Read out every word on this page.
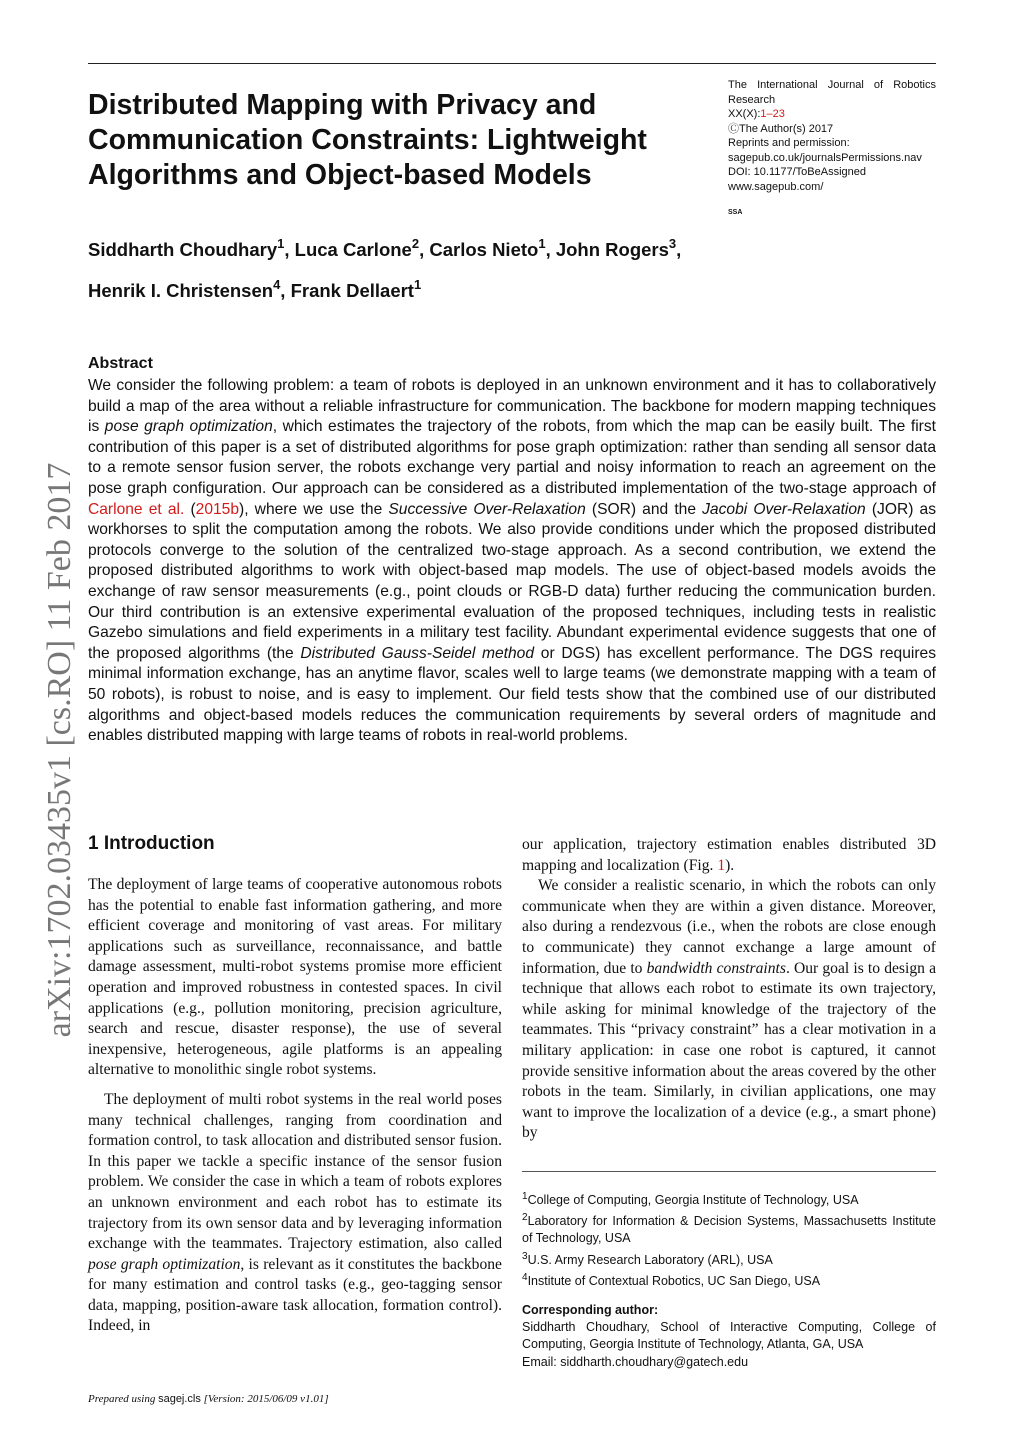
Distributed Mapping with Privacy and
Communication Constraints: Lightweight
Algorithms and Object-based Models
The International Journal of Robotics
Research
XX(X):1–23
ⒸThe Author(s) 2017
Reprints and permission:
sagepub.co.uk/journalsPermissions.nav
DOI: 10.1177/ToBeAssigned
www.sagepub.com/
SSA
Siddharth Choudhary$^1$, Luca Carlone$^2$, Carlos Nieto$^1$, John Rogers$^3$,
Henrik I. Christensen$^4$, Frank Dellaert$^1$
Abstract
We consider the following problem: a team of robots is deployed in an unknown environment and it has to collaboratively build a map of the area without a reliable infrastructure for communication. The backbone for modern mapping techniques is pose graph optimization, which estimates the trajectory of the robots, from which the map can be easily built. The first contribution of this paper is a set of distributed algorithms for pose graph optimization: rather than sending all sensor data to a remote sensor fusion server, the robots exchange very partial and noisy information to reach an agreement on the pose graph configuration. Our approach can be considered as a distributed implementation of the two-stage approach of Carlone et al. (2015b), where we use the Successive Over-Relaxation (SOR) and the Jacobi Over-Relaxation (JOR) as workhorses to split the computation among the robots. We also provide conditions under which the proposed distributed protocols converge to the solution of the centralized two-stage approach. As a second contribution, we extend the proposed distributed algorithms to work with object-based map models. The use of object-based models avoids the exchange of raw sensor measurements (e.g., point clouds or RGB-D data) further reducing the communication burden. Our third contribution is an extensive experimental evaluation of the proposed techniques, including tests in realistic Gazebo simulations and field experiments in a military test facility. Abundant experimental evidence suggests that one of the proposed algorithms (the Distributed Gauss-Seidel method or DGS) has excellent performance. The DGS requires minimal information exchange, has an anytime flavor, scales well to large teams (we demonstrate mapping with a team of 50 robots), is robust to noise, and is easy to implement. Our field tests show that the combined use of our distributed algorithms and object-based models reduces the communication requirements by several orders of magnitude and enables distributed mapping with large teams of robots in real-world problems.
arXiv:1702.03435v1 [cs.RO] 11 Feb 2017 1 Introduction

The deployment of large teams of cooperative autonomous robots has the potential to enable fast information gathering, and more efficient coverage and monitoring of vast areas. For military applications such as surveillance, reconnaissance, and battle damage assessment, multi-robot systems promise more efficient operation and improved robustness in contested spaces. In civil applications (e.g., pollution monitoring, precision agriculture, search and rescue, disaster response), the use of several inexpensive, heterogeneous, agile platforms is an appealing alternative to monolithic single robot systems.

The deployment of multi robot systems in the real world poses many technical challenges, ranging from coordination and formation control, to task allocation and distributed sensor fusion. In this paper we tackle a specific instance of the sensor fusion problem. We consider the case in which a team of robots explores an unknown environment and each robot has to estimate its trajectory from its own sensor data and by leveraging information exchange with the teammates. Trajectory estimation, also called pose graph optimization, is relevant as it constitutes the backbone for many estimation and control tasks (e.g., geo-tagging sensor data, mapping, position-aware task allocation, formation control). Indeed, in

our application, trajectory estimation enables distributed 3D mapping and localization (Fig. 1).

We consider a realistic scenario, in which the robots can only communicate when they are within a given distance. Moreover, also during a rendezvous (i.e., when the robots are close enough to communicate) they cannot exchange a large amount of information, due to bandwidth constraints. Our goal is to design a technique that allows each robot to estimate its own trajectory, while asking for minimal knowledge of the trajectory of the teammates. This “privacy constraint” has a clear motivation in a military application: in case one robot is captured, it cannot provide sensitive information about the areas covered by the other robots in the team. Similarly, in civilian applications, one may want to improve the localization of a device (e.g., a smart phone) by

$^1$College of Computing, Georgia Institute of Technology, USA
$^2$Laboratory for Information & Decision Systems, Massachusetts Institute of Technology, USA
$^3$U.S. Army Research Laboratory (ARL), USA
$^4$Institute of Contextual Robotics, UC San Diego, USA
Corresponding author:
Siddharth Choudhary, School of Interactive Computing, College of Computing, Georgia Institute of Technology, Atlanta, GA, USA
Email: siddharth.choudhary@gatech.edu
Prepared using sagej.cls [Version: 2015/06/09 v1.01]
